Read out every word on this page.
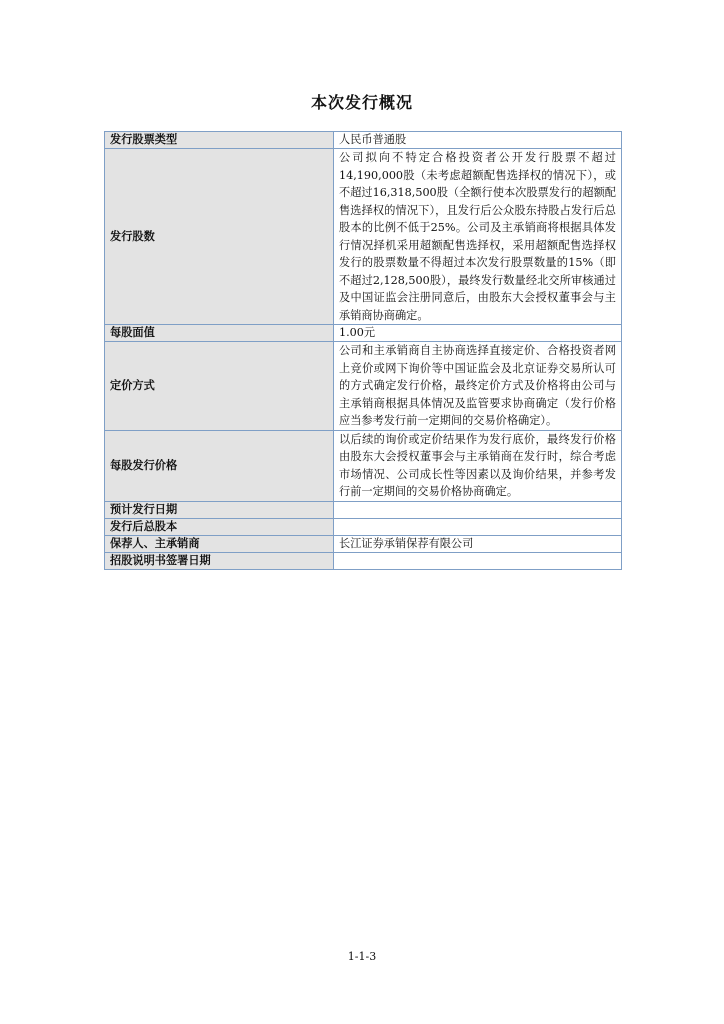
本次发行概况
发行股票类型	人民币普通股
发行股数	公司拟向不特定合格投资者公开发行股票不超过14,190,000股（未考虑超额配售选择权的情况下），或不超过16,318,500股（全额行使本次股票发行的超额配售选择权的情况下），且发行后公众股东持股占发行后总股本的比例不低于25%。公司及主承销商将根据具体发行情况择机采用超额配售选择权，采用超额配售选择权发行的股票数量不得超过本次发行股票数量的15%（即不超过2,128,500股），最终发行数量经北交所审核通过及中国证监会注册同意后，由股东大会授权董事会与主承销商协商确定。
每股面值	1.00元
定价方式	公司和主承销商自主协商选择直接定价、合格投资者网上竞价或网下询价等中国证监会及北京证券交易所认可的方式确定发行价格，最终定价方式及价格将由公司与主承销商根据具体情况及监管要求协商确定（发行价格应当参考发行前一定期间的交易价格确定）。
每股发行价格	以后续的询价或定价结果作为发行底价，最终发行价格由股东大会授权董事会与主承销商在发行时，综合考虑市场情况、公司成长性等因素以及询价结果，并参考发行前一定期间的交易价格协商确定。
预计发行日期	
发行后总股本	
保荐人、主承销商	长江证券承销保荐有限公司
招股说明书签署日期	
1-1-3
